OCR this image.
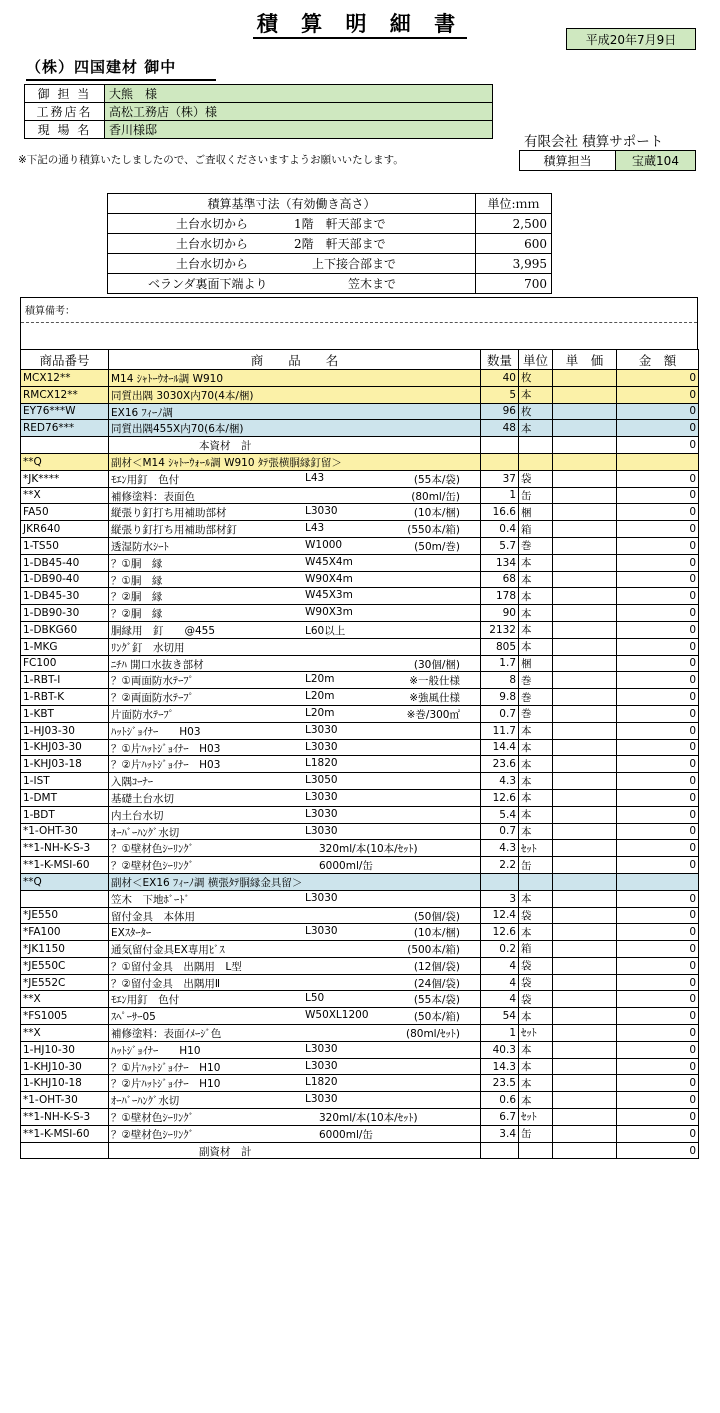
積 算 明 細 書
平成20年7月9日
（株）四国建材 御中
御 担 当	大熊　様
工務店名	高松工務店（株）様
現 場 名	香川様邸
※下記の通り積算いたしましたので、ご査収くださいますようお願いいたします。
有限会社 積算サポート
積算担当	宝蔵104
積算基準寸法（有効働き高さ）	単位:ｍｍ
土台水切から 1階　軒天部まで	2,500
土台水切から 2階　軒天部まで	600
土台水切から 上下接合部まで	3,995
ベランダ裏面下端より 笠木まで	700
積算備考：
商品番号	商　　品　　名	数量	単位	単　価	金　額
MCX12**	M14 ｼｬﾄｰｳｵｰﾙ調 W910	40	枚		0
RMCX12**	同質出隅 3030X内70(4本/梱)	5	本		0
EY76***W	EX16 ﾌｨｰﾉ調	96	枚		0
RED76***	同質出隅455X内70(6本/梱)	48	本		0

	本資材　計				0
**Q	副材＜M14 ｼｬﾄｰｳｫｰﾙ調 W910 ﾀﾃ張横胴縁釘留＞				

*JK****	ﾓｴﾝ用釘　色付 L43 (55本/袋)	37	袋		0
**X	補修塗料：表面色 (80ml/缶)	1	缶		0
FA50	縦張り釘打ち用補助部材 L3030 (10本/梱)	16.6	梱		0
JKR640	縦張り釘打ち用補助部材釘 L43 (550本/箱)	0.4	箱		0
1-TS50	透湿防水ｼｰﾄ W1000 (50m/巻)	5.7	巻		0
1-DB45-40	？①胴　縁 W45X4m	134	本		0
1-DB90-40	？①胴　縁 W90X4m	68	本		0
1-DB45-30	？②胴　縁 W45X3m	178	本		0
1-DB90-30	？②胴　縁 W90X3m	90	本		0
1-DBKG60	胴縁用　釘　　@455 L60以上	2132	本		0
1-MKG	ﾘﾝｸﾞ釘　水切用	805	本		0
FC100	ﾆﾁﾊ 開口水抜き部材 (30個/梱)	1.7	梱		0
1-RBT-I	？①両面防水ﾃｰﾌﾟ L20m ※一般仕様	8	巻		0
1-RBT-K	？②両面防水ﾃｰﾌﾟ L20m ※強風仕様	9.8	巻		0
1-KBT	片面防水ﾃｰﾌﾟ L20m ※巻/300㎡	0.7	巻		0
1-HJ03-30	ﾊｯﾄｼﾞｮｲﾅｰ　　H03 L3030	11.7	本		0
1-KHJ03-30	？①片ﾊｯﾄｼﾞｮｲﾅｰ　H03 L3030	14.4	本		0
1-KHJ03-18	？②片ﾊｯﾄｼﾞｮｲﾅｰ　H03 L1820	23.6	本		0
1-IST	入隅ｺｰﾅｰ L3050	4.3	本		0
1-DMT	基礎土台水切 L3030	12.6	本		0
1-BDT	内土台水切 L3030	5.4	本		0
*1-OHT-30	ｵｰﾊﾞｰﾊﾝｸﾞ水切 L3030	0.7	本		0
**1-NH-K-S-3	？①壁材色ｼｰﾘﾝｸﾞ 320ml/本(10本/ｾｯﾄ)	4.3	ｾｯﾄ		0
**1-K-MSI-60	？②壁材色ｼｰﾘﾝｸﾞ 6000ml/缶	2.2	缶		0
**Q	副材＜EX16 ﾌｨｰﾉ調 横張ﾀﾃ胴縁金具留＞				

	笠木　下地ﾎﾞｰﾄﾞ L3030	3	本		0
*JE550	留付金具　本体用 (50個/袋)	12.4	袋		0
*FA100	EXｽﾀｰﾀｰ L3030 (10本/梱)	12.6	本		0
*JK1150	通気留付金具EX専用ﾋﾞｽ (500本/箱)	0.2	箱		0
*JE550C	？①留付金具　出隅用　L型 (12個/袋)	4	袋		0
*JE552C	？②留付金具　出隅用Ⅱ (24個/袋)	4	袋		0
**X	ﾓｴﾝ用釘　色付 L50 (55本/袋)	4	袋		0
*FS1005	ｽﾍﾟｰｻｰ05 W50XL1200 (50本/箱)	54	本		0
**X	補修塗料：表面ｲﾒｰｼﾞ色 (80ml/ｾｯﾄ)	1	ｾｯﾄ		0
1-HJ10-30	ﾊｯﾄｼﾞｮｲﾅｰ　　H10 L3030	40.3	本		0
1-KHJ10-30	？①片ﾊｯﾄｼﾞｮｲﾅｰ　H10 L3030	14.3	本		0
1-KHJ10-18	？②片ﾊｯﾄｼﾞｮｲﾅｰ　H10 L1820	23.5	本		0
*1-OHT-30	ｵｰﾊﾞｰﾊﾝｸﾞ水切 L3030	0.6	本		0
**1-NH-K-S-3	？①壁材色ｼｰﾘﾝｸﾞ 320ml/本(10本/ｾｯﾄ)	6.7	ｾｯﾄ		0
**1-K-MSI-60	？②壁材色ｼｰﾘﾝｸﾞ 6000ml/缶	3.4	缶		0

	副資材　計				0
